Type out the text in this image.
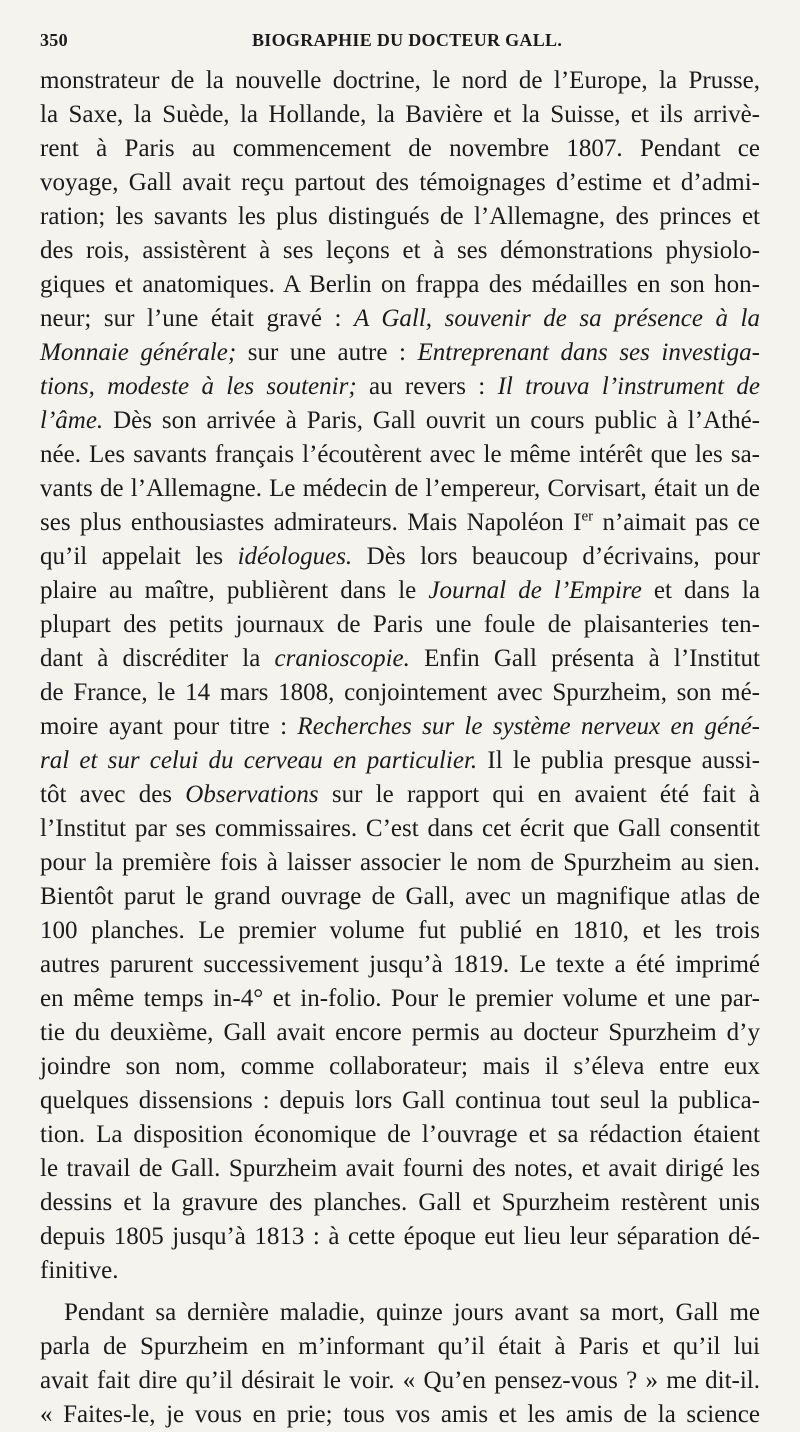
350	BIOGRAPHIE DU DOCTEUR GALL.
monstrateur de la nouvelle doctrine, le nord de l’Europe, la Prusse,
la Saxe, la Suède, la Hollande, la Bavière et la Suisse, et ils arrivè-
rent à Paris au commencement de novembre 1807. Pendant ce
voyage, Gall avait reçu partout des témoignages d’estime et d’admi-
ration; les savants les plus distingués de l’Allemagne, des princes et
des rois, assistèrent à ses leçons et à ses démonstrations physiolo-
giques et anatomiques. A Berlin on frappa des médailles en son hon-
neur; sur l’une était gravé : A Gall, souvenir de sa présence à la
Monnaie générale; sur une autre : Entreprenant dans ses investiga-
tions, modeste à les soutenir; au revers : Il trouva l’instrument de
l’âme. Dès son arrivée à Paris, Gall ouvrit un cours public à l’Athé-
née. Les savants français l’écoutèrent avec le même intérêt que les sa-
vants de l’Allemagne. Le médecin de l’empereur, Corvisart, était un de
ses plus enthousiastes admirateurs. Mais Napoléon Ier n’aimait pas ce
qu’il appelait les idéologues. Dès lors beaucoup d’écrivains, pour
plaire au maître, publièrent dans le Journal de l’Empire et dans la
plupart des petits journaux de Paris une foule de plaisanteries ten-
dant à discréditer la cranioscopie. Enfin Gall présenta à l’Institut
de France, le 14 mars 1808, conjointement avec Spurzheim, son mé-
moire ayant pour titre : Recherches sur le système nerveux en géné-
ral et sur celui du cerveau en particulier. Il le publia presque aussi-
tôt avec des Observations sur le rapport qui en avaient été fait à
l’Institut par ses commissaires. C’est dans cet écrit que Gall consentit
pour la première fois à laisser associer le nom de Spurzheim au sien.
Bientôt parut le grand ouvrage de Gall, avec un magnifique atlas de
100 planches. Le premier volume fut publié en 1810, et les trois
autres parurent successivement jusqu’à 1819. Le texte a été imprimé
en même temps in-4° et in-folio. Pour le premier volume et une par-
tie du deuxième, Gall avait encore permis au docteur Spurzheim d’y
joindre son nom, comme collaborateur; mais il s’éleva entre eux
quelques dissensions : depuis lors Gall continua tout seul la publica-
tion. La disposition économique de l’ouvrage et sa rédaction étaient
le travail de Gall. Spurzheim avait fourni des notes, et avait dirigé les
dessins et la gravure des planches. Gall et Spurzheim restèrent unis
depuis 1805 jusqu’à 1813 : à cette époque eut lieu leur séparation dé-
finitive.
Pendant sa dernière maladie, quinze jours avant sa mort, Gall me
parla de Spurzheim en m’informant qu’il était à Paris et qu’il lui
avait fait dire qu’il désirait le voir. « Qu’en pensez-vous ? » me dit-il.
« Faites-le, je vous en prie; tous vos amis et les amis de la science
